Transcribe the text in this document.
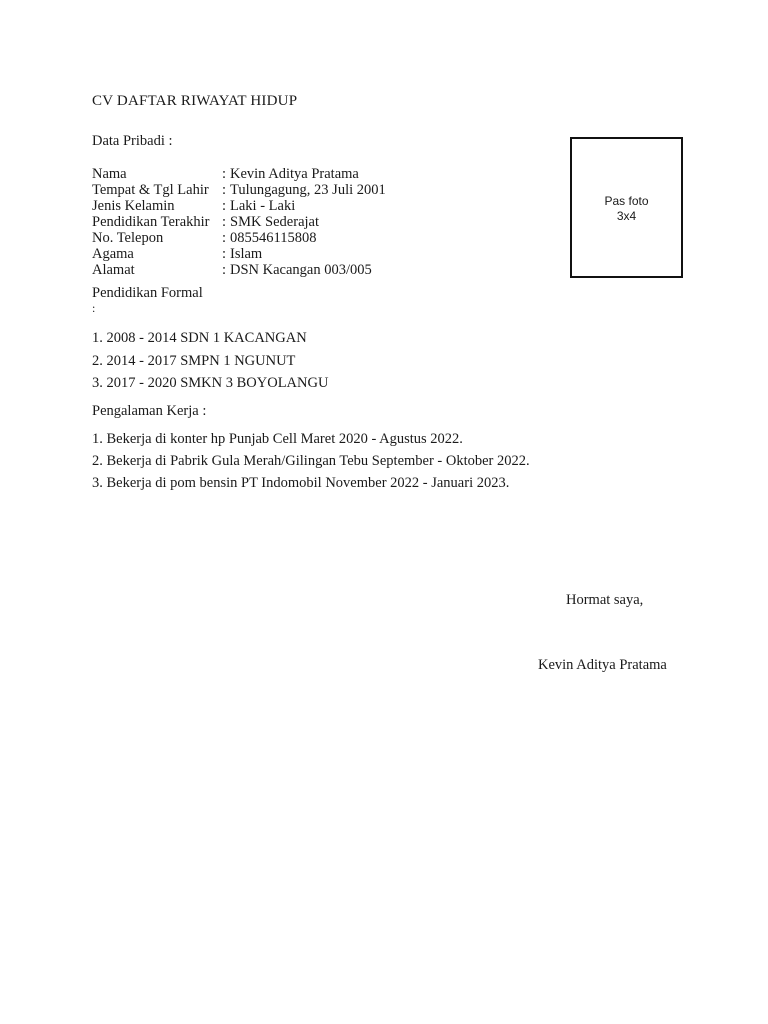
CV DAFTAR RIWAYAT HIDUP
Data Pribadi :
Nama	: Kevin Aditya Pratama
Tempat & Tgl Lahir : Tulungagung, 23 Juli 2001
Jenis Kelamin	: Laki - Laki
Pendidikan Terakhir : SMK Sederajat
No. Telepon	: 085546115808
Agama	: Islam
Alamat	: DSN Kacangan 003/005
Pas foto
3x4
Pendidikan Formal
:
1. 2008 - 2014 SDN 1 KACANGAN
2. 2014 - 2017 SMPN 1 NGUNUT
3. 2017 - 2020 SMKN 3 BOYOLANGU
Pengalaman Kerja :
1. Bekerja di konter hp Punjab Cell Maret 2020 - Agustus 2022.
2. Bekerja di Pabrik Gula Merah/Gilingan Tebu September - Oktober 2022.
3. Bekerja di pom bensin PT Indomobil November 2022 - Januari 2023.
Hormat saya,
Kevin Aditya Pratama
